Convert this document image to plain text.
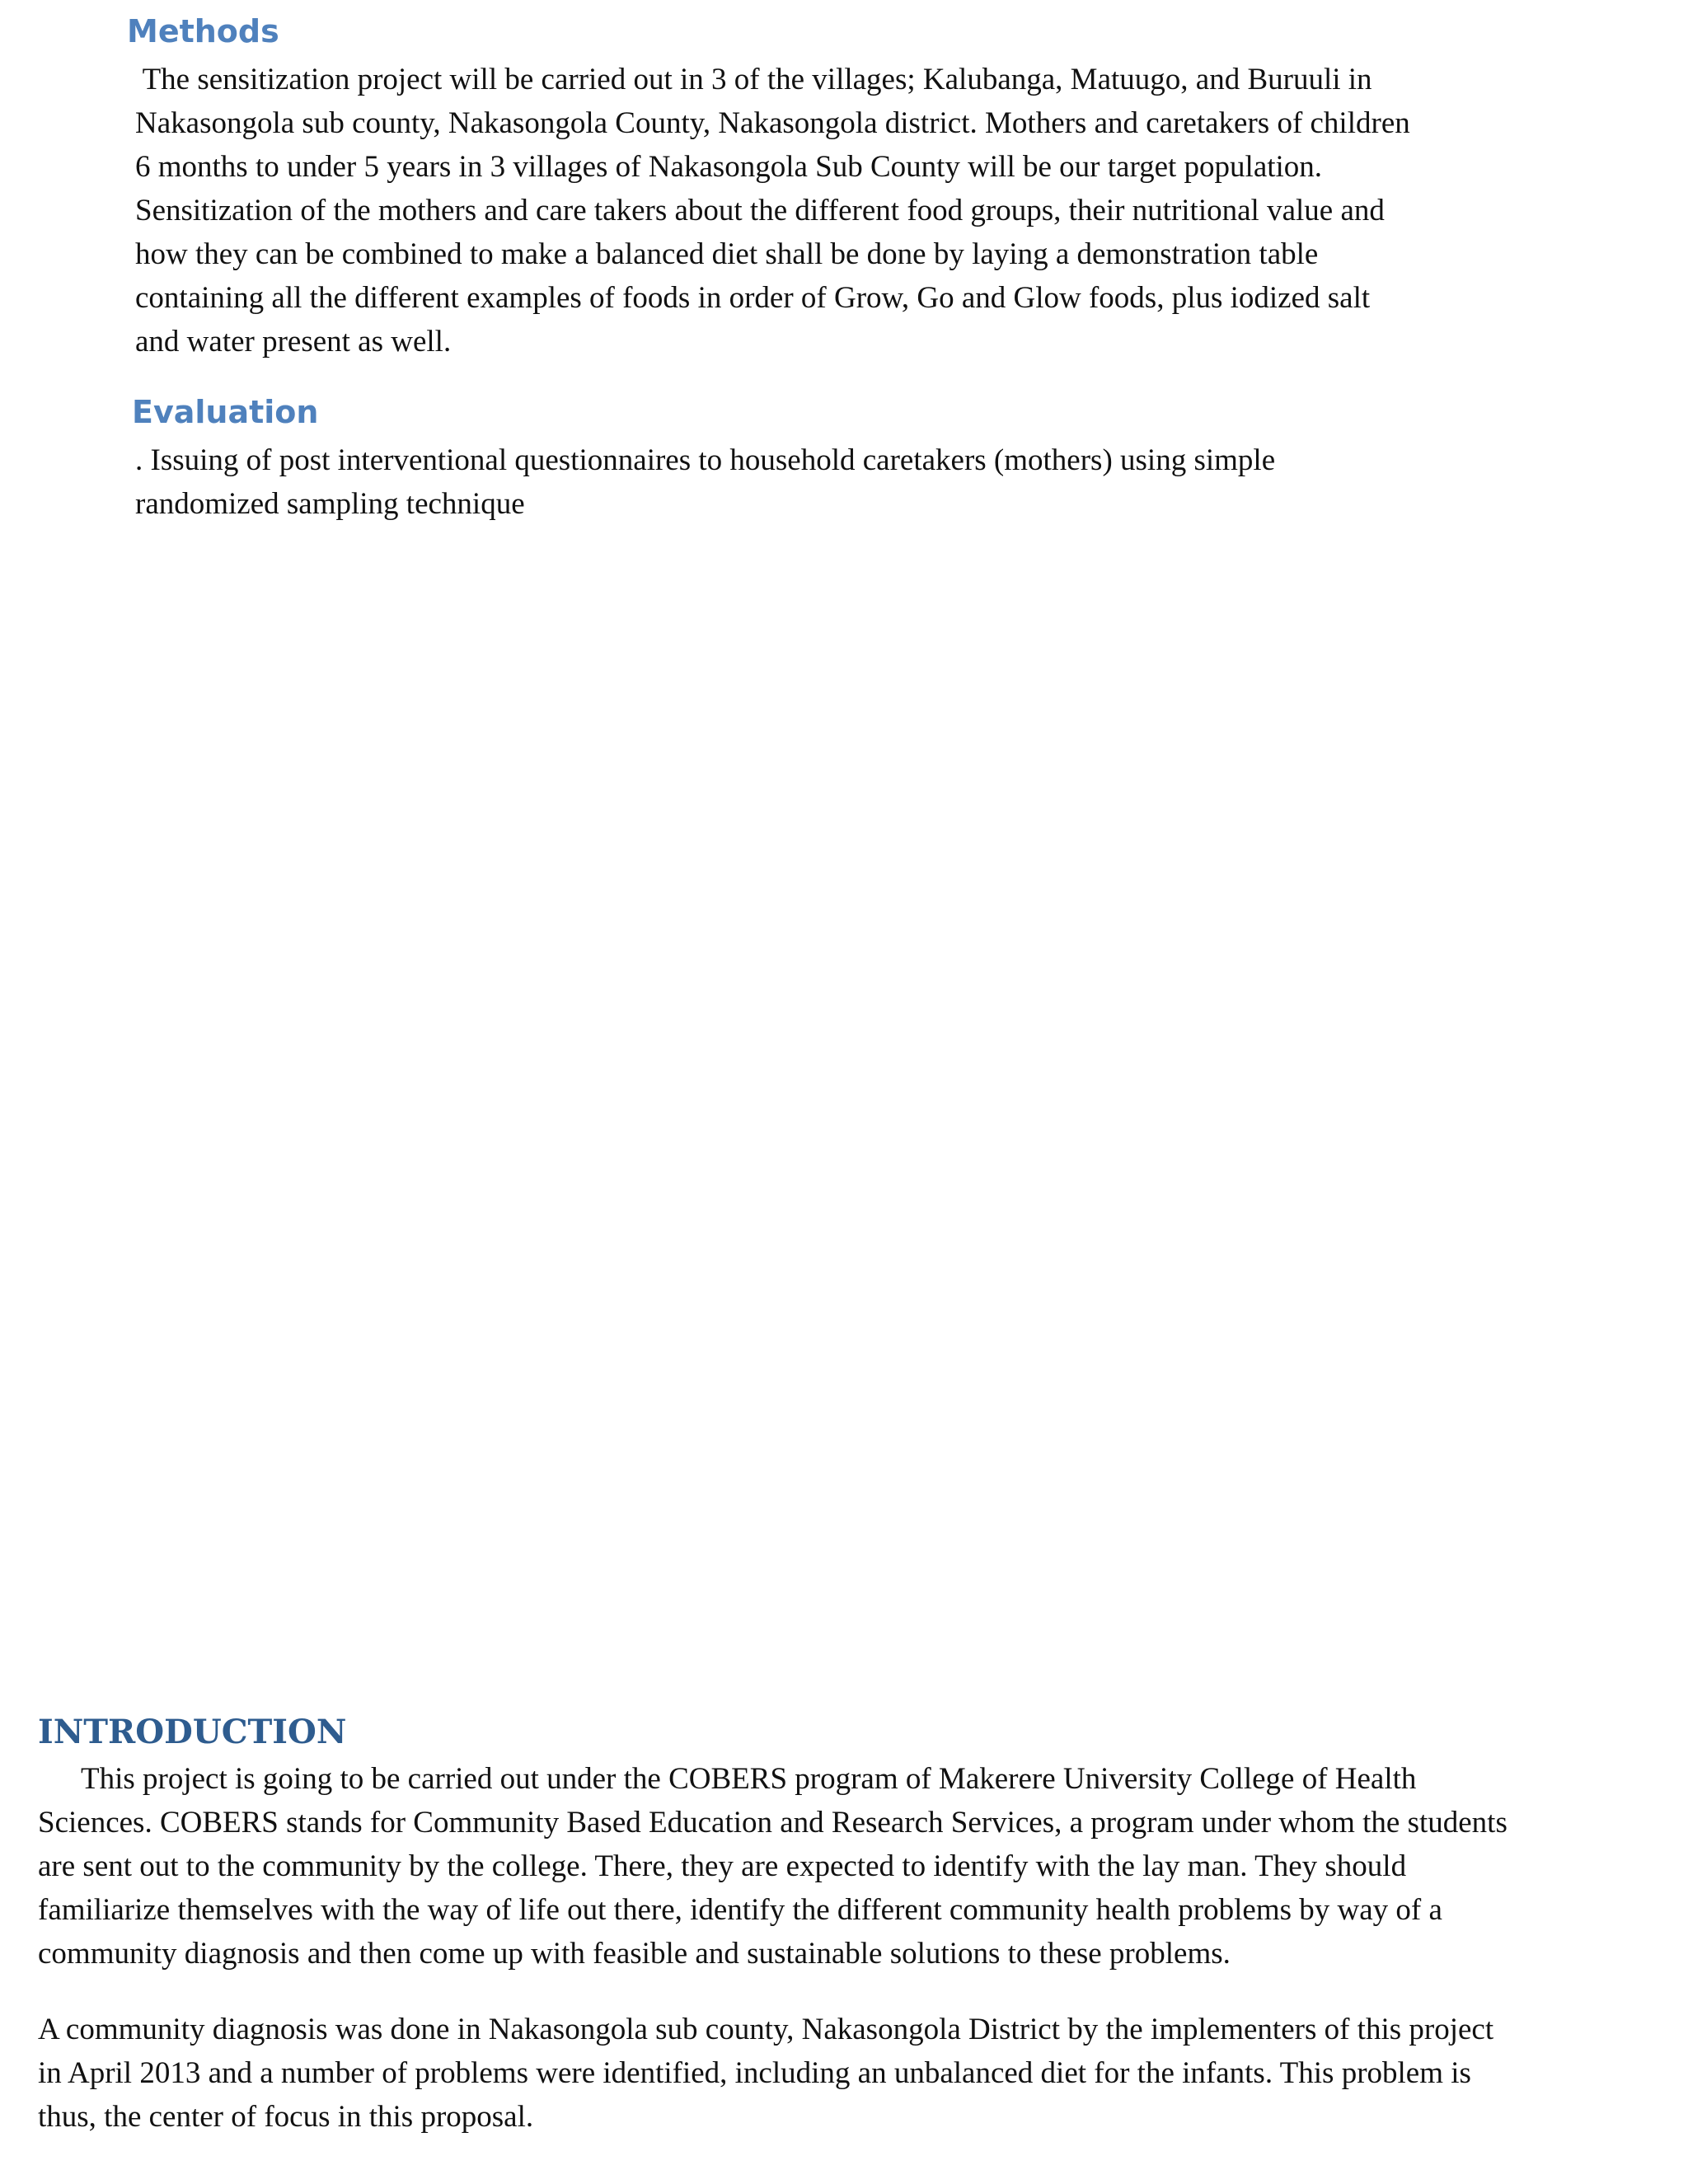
Methods

The sensitization project will be carried out in 3 of the villages; Kalubanga, Matuugo, and Buruuli in
Nakasongola sub county, Nakasongola County, Nakasongola district. Mothers and caretakers of children
6 months to under 5 years in 3 villages of Nakasongola Sub County will be our target population.
Sensitization of the mothers and care takers about the different food groups, their nutritional value and
how they can be combined to make a balanced diet shall be done by laying a demonstration table
containing all the different examples of foods in order of Grow, Go and Glow foods, plus iodized salt
and water present as well.

Evaluation

. Issuing of post interventional questionnaires to household caretakers (mothers) using simple
randomized sampling technique

INTRODUCTION

This project is going to be carried out under the COBERS program of Makerere University College of Health
Sciences. COBERS stands for Community Based Education and Research Services, a program under whom the students
are sent out to the community by the college. There, they are expected to identify with the lay man. They should
familiarize themselves with the way of life out there, identify the different community health problems by way of a
community diagnosis and then come up with feasible and sustainable solutions to these problems.

A community diagnosis was done in Nakasongola sub county, Nakasongola District by the implementers of this project
in April 2013 and a number of problems were identified, including an unbalanced diet for the infants. This problem is
thus, the center of focus in this proposal.
